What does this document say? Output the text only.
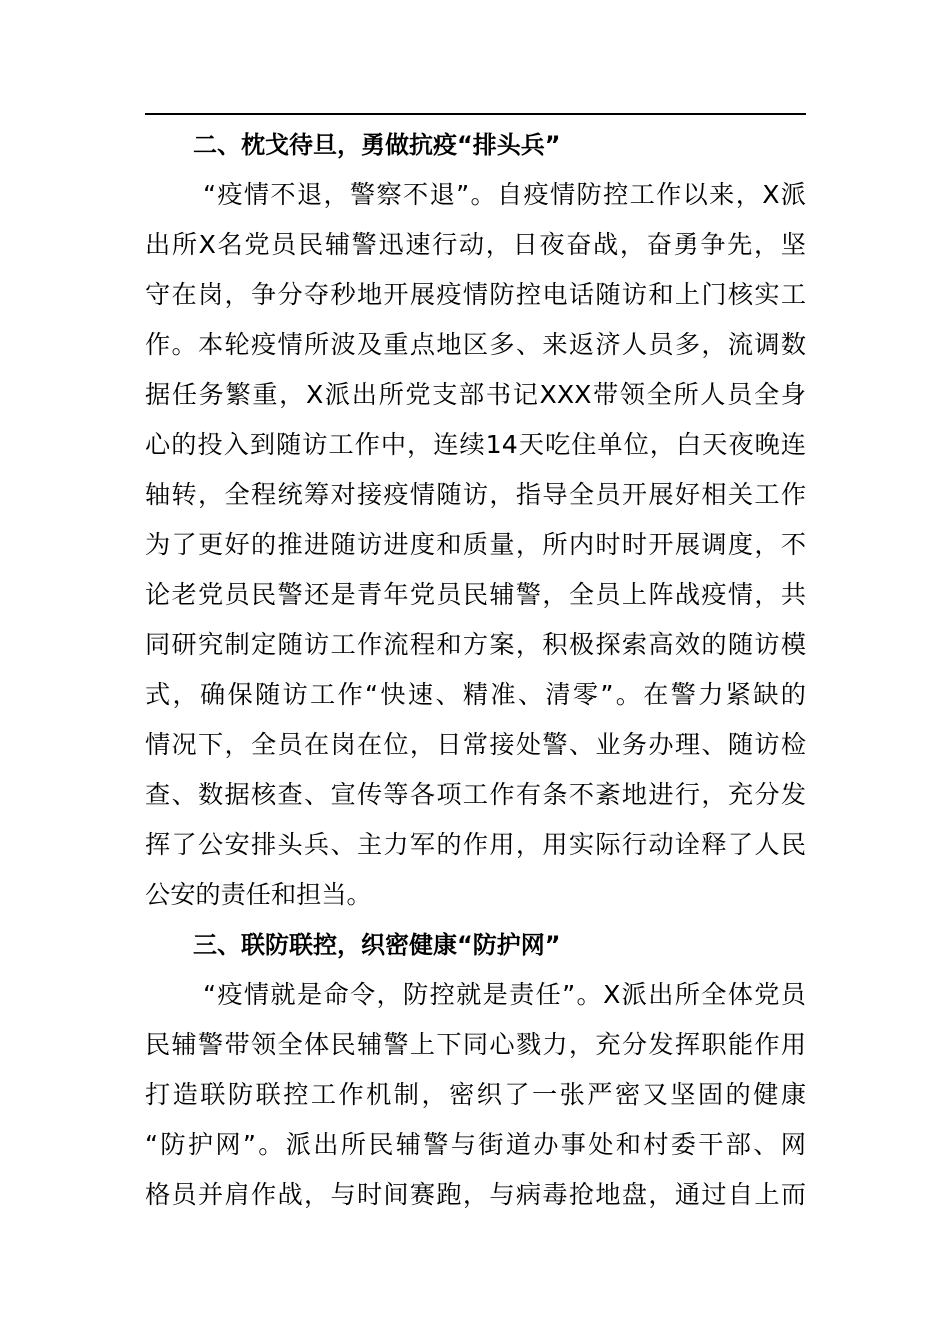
二、枕戈待旦，勇做抗疫“排头兵”
“疫情不退，警察不退”。自疫情防控工作以来，X派
出所X名党员民辅警迅速行动，日夜奋战，奋勇争先，坚
守在岗，争分夺秒地开展疫情防控电话随访和上门核实工
作。本轮疫情所波及重点地区多、来返济人员多，流调数
据任务繁重，X派出所党支部书记XXX带领全所人员全身
心的投入到随访工作中，连续14天吃住单位，白天夜晚连
轴转，全程统筹对接疫情随访，指导全员开展好相关工作
为了更好的推进随访进度和质量，所内时时开展调度，不
论老党员民警还是青年党员民辅警，全员上阵战疫情，共
同研究制定随访工作流程和方案，积极探索高效的随访模
式，确保随访工作“快速、精准、清零”。在警力紧缺的
情况下，全员在岗在位，日常接处警、业务办理、随访检
查、数据核查、宣传等各项工作有条不紊地进行，充分发
挥了公安排头兵、主力军的作用，用实际行动诠释了人民
公安的责任和担当。
三、联防联控，织密健康“防护网”
“疫情就是命令，防控就是责任”。X派出所全体党员
民辅警带领全体民辅警上下同心戮力，充分发挥职能作用
打造联防联控工作机制，密织了一张严密又坚固的健康
“防护网”。派出所民辅警与街道办事处和村委干部、网
格员并肩作战，与时间赛跑，与病毒抢地盘，通过自上而
